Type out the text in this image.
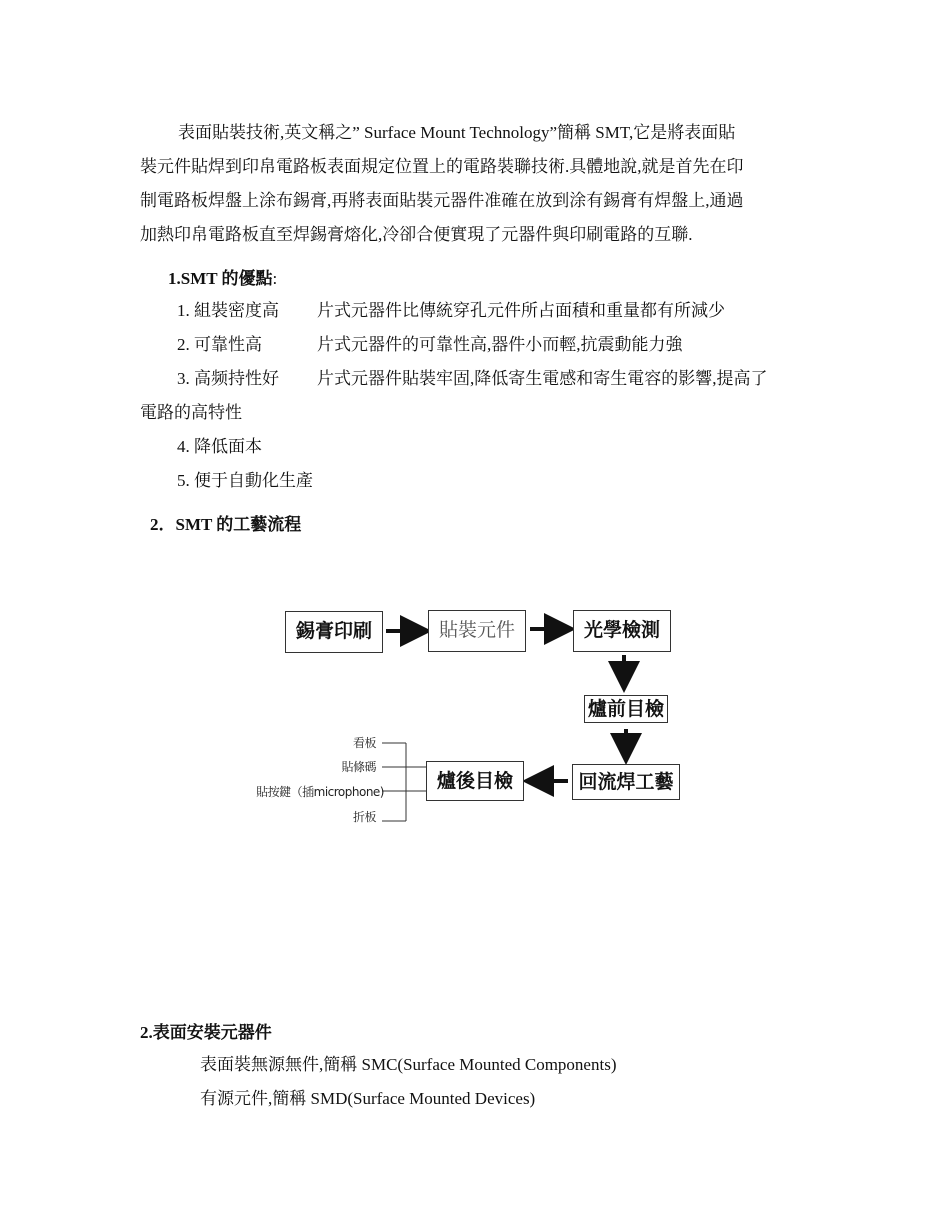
表面貼裝技術,英文稱之” Surface Mount Technology”簡稱 SMT,它是將表面貼
裝元件貼焊到印帛電路板表面規定位置上的電路裝聯技術.具體地說,就是首先在印
制電路板焊盤上涂布錫膏,再將表面貼裝元器件准確在放到涂有錫膏有焊盤上,通過
加熱印帛電路板直至焊錫膏熔化,冷卻合便實現了元器件與印刷電路的互聯.
1.SMT 的優點:
1. 組裝密度高 片式元器件比傳統穿孔元件所占面積和重量都有所減少
2. 可靠性高	片式元器件的可靠性高,器件小而輕,抗震動能力強
3. 高频持性好 片式元器件貼裝牢固,降低寄生電感和寄生電容的影響,提高了
電路的高特性
4. 降低面本
5. 便于自動化生產
2．SMT 的工藝流程
錫膏印刷	貼裝元件	光學檢測
爐前目檢
回流焊工藝
爐後目檢
看板
貼條碼
貼按鍵（插microphone)
折板
2.表面安裝元器件
表面裝無源無件,簡稱 SMC(Surface Mounted Components)
有源元件,簡稱 SMD(Surface Mounted Devices)
